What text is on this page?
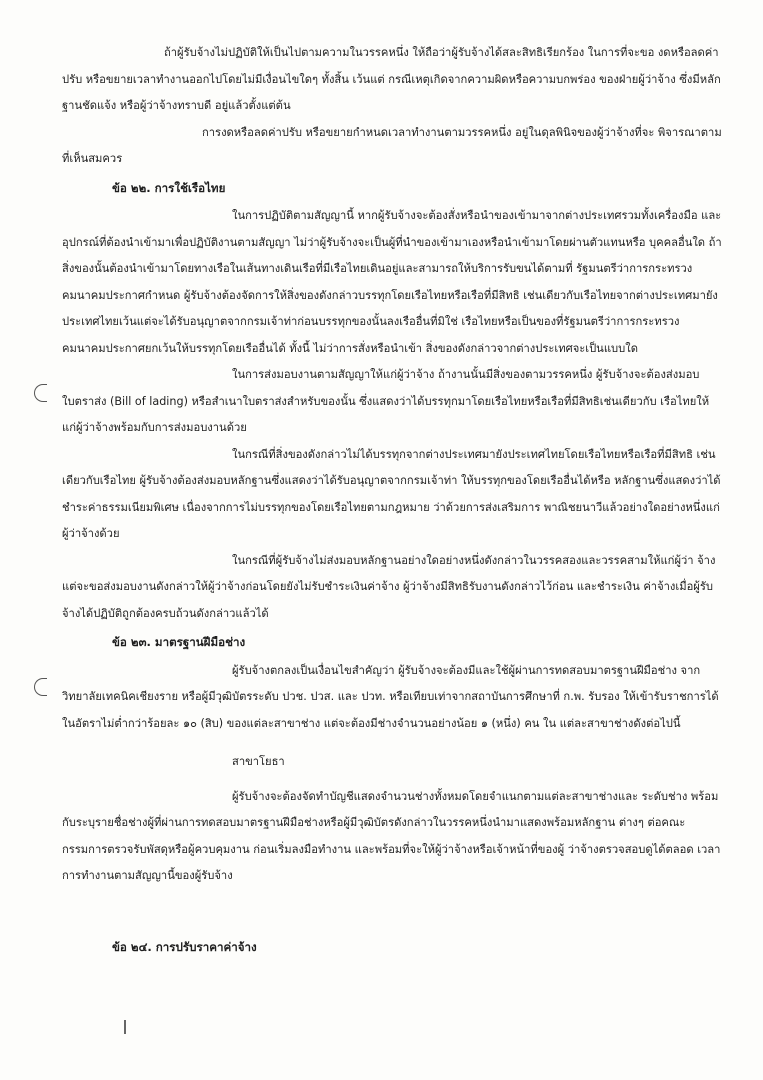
ถ้าผู้รับจ้างไม่ปฏิบัติให้เป็นไปตามความในวรรคหนึ่ง ให้ถือว่าผู้รับจ้างได้สละสิทธิเรียกร้อง ในการที่จะขอ งดหรือลดค่าปรับ หรือขยายเวลาทำงานออกไปโดยไม่มีเงื่อนไขใดๆ ทั้งสิ้น เว้นแต่ กรณีเหตุเกิดจากความผิดหรือความบกพร่อง ของฝ่ายผู้ว่าจ้าง ซึ่งมีหลักฐานชัดแจ้ง หรือผู้ว่าจ้างทราบดี อยู่แล้วตั้งแต่ต้น

การงดหรือลดค่าปรับ หรือขยายกำหนดเวลาทำงานตามวรรคหนึ่ง อยู่ในดุลพินิจของผู้ว่าจ้างที่จะ พิจารณาตามที่เห็นสมควร

ข้อ ๒๒. การใช้เรือไทย

ในการปฏิบัติตามสัญญานี้ หากผู้รับจ้างจะต้องสั่งหรือนำของเข้ามาจากต่างประเทศรวมทั้งเครื่องมือ และอุปกรณ์ที่ต้องนำเข้ามาเพื่อปฏิบัติงานตามสัญญา ไม่ว่าผู้รับจ้างจะเป็นผู้ที่นำของเข้ามาเองหรือนำเข้ามาโดยผ่านตัวแทนหรือ บุคคลอื่นใด ถ้าสิ่งของนั้นต้องนำเข้ามาโดยทางเรือในเส้นทางเดินเรือที่มีเรือไทยเดินอยู่และสามารถให้บริการรับขนได้ตามที่ รัฐมนตรีว่าการกระทรวงคมนาคมประกาศกำหนด ผู้รับจ้างต้องจัดการให้สิ่งของดังกล่าวบรรทุกโดยเรือไทยหรือเรือที่มีสิทธิ เช่นเดียวกับเรือไทยจากต่างประเทศมายังประเทศไทยเว้นแต่จะได้รับอนุญาตจากกรมเจ้าท่าก่อนบรรทุกของนั้นลงเรืออื่นที่มิใช่ เรือไทยหรือเป็นของที่รัฐมนตรีว่าการกระทรวงคมนาคมประกาศยกเว้นให้บรรทุกโดยเรืออื่นได้ ทั้งนี้ ไม่ว่าการสั่งหรือนำเข้า สิ่งของดังกล่าวจากต่างประเทศจะเป็นแบบใด

ในการส่งมอบงานตามสัญญาให้แก่ผู้ว่าจ้าง ถ้างานนั้นมีสิ่งของตามวรรคหนึ่ง ผู้รับจ้างจะต้องส่งมอบ ใบตราส่ง (Bill of lading) หรือสำเนาใบตราส่งสำหรับของนั้น ซึ่งแสดงว่าได้บรรทุกมาโดยเรือไทยหรือเรือที่มีสิทธิเช่นเดียวกับ เรือไทยให้แก่ผู้ว่าจ้างพร้อมกับการส่งมอบงานด้วย

ในกรณีที่สิ่งของดังกล่าวไม่ได้บรรทุกจากต่างประเทศมายังประเทศไทยโดยเรือไทยหรือเรือที่มีสิทธิ เช่นเดียวกับเรือไทย ผู้รับจ้างต้องส่งมอบหลักฐานซึ่งแสดงว่าได้รับอนุญาตจากกรมเจ้าท่า ให้บรรทุกของโดยเรืออื่นได้หรือ หลักฐานซึ่งแสดงว่าได้ชำระค่าธรรมเนียมพิเศษ เนื่องจากการไม่บรรทุกของโดยเรือไทยตามกฎหมาย ว่าด้วยการส่งเสริมการ พาณิชยนาวีแล้วอย่างใดอย่างหนึ่งแก่ผู้ว่าจ้างด้วย

ในกรณีที่ผู้รับจ้างไม่ส่งมอบหลักฐานอย่างใดอย่างหนึ่งดังกล่าวในวรรคสองและวรรคสามให้แก่ผู้ว่า จ้างแต่จะขอส่งมอบงานดังกล่าวให้ผู้ว่าจ้างก่อนโดยยังไม่รับชำระเงินค่าจ้าง ผู้ว่าจ้างมีสิทธิรับงานดังกล่าวไว้ก่อน และชำระเงิน ค่าจ้างเมื่อผู้รับจ้างได้ปฏิบัติถูกต้องครบถ้วนดังกล่าวแล้วได้

ข้อ ๒๓. มาตรฐานฝีมือช่าง

ผู้รับจ้างตกลงเป็นเงื่อนไขสำคัญว่า ผู้รับจ้างจะต้องมีและใช้ผู้ผ่านการทดสอบมาตรฐานฝีมือช่าง จาก วิทยาลัยเทคนิคเชียงราย หรือผู้มีวุฒิบัตรระดับ ปวช. ปวส. และ ปวท. หรือเทียบเท่าจากสถาบันการศึกษาที่ ก.พ. รับรอง ให้เข้ารับราชการได้ ในอัตราไม่ต่ำกว่าร้อยละ ๑๐ (สิบ) ของแต่ละสาขาช่าง แต่จะต้องมีช่างจำนวนอย่างน้อย ๑ (หนึ่ง) คน ใน แต่ละสาขาช่างดังต่อไปนี้

สาขาโยธา

ผู้รับจ้างจะต้องจัดทำบัญชีแสดงจำนวนช่างทั้งหมดโดยจำแนกตามแต่ละสาขาช่างและ ระดับช่าง พร้อมกับระบุรายชื่อช่างผู้ที่ผ่านการทดสอบมาตรฐานฝีมือช่างหรือผู้มีวุฒิบัตรดังกล่าวในวรรคหนึ่งนำมาแสดงพร้อมหลักฐาน ต่างๆ ต่อคณะกรรมการตรวจรับพัสดุหรือผู้ควบคุมงาน ก่อนเริ่มลงมือทำงาน และพร้อมที่จะให้ผู้ว่าจ้างหรือเจ้าหน้าที่ของผู้ ว่าจ้างตรวจสอบดูได้ตลอด เวลาการทำงานตามสัญญานี้ของผู้รับจ้าง

ข้อ ๒๔. การปรับราคาค่าจ้าง
